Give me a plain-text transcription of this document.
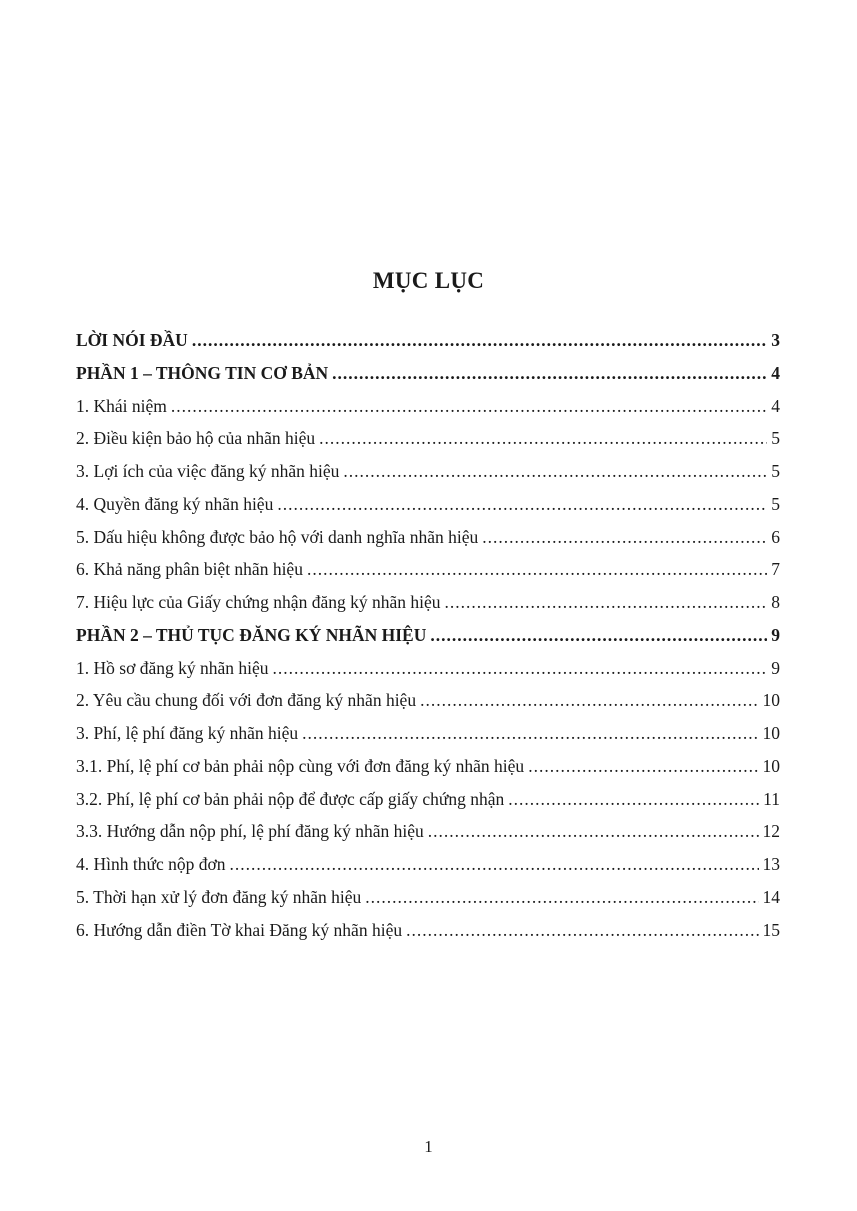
MỤC LỤC
LỜI NÓI ĐẦU .....	3
PHẦN 1 – THÔNG TIN CƠ BẢN .....	4
1. Khái niệm .....	4
2. Điều kiện bảo hộ của nhãn hiệu .....	5
3. Lợi ích của việc đăng ký nhãn hiệu .....	5
4. Quyền đăng ký nhãn hiệu .....	5
5. Dấu hiệu không được bảo hộ với danh nghĩa nhãn hiệu .....	6
6. Khả năng phân biệt nhãn hiệu .....	7
7. Hiệu lực của Giấy chứng nhận đăng ký nhãn hiệu .....	8
PHẦN 2 – THỦ TỤC ĐĂNG KÝ NHÃN HIỆU .....	9
1. Hồ sơ đăng ký nhãn hiệu .....	9
2. Yêu cầu chung đối với đơn đăng ký nhãn hiệu .....	10
3. Phí, lệ phí đăng ký nhãn hiệu .....	10
3.1. Phí, lệ phí cơ bản phải nộp cùng với đơn đăng ký nhãn hiệu .....	10
3.2. Phí, lệ phí cơ bản phải nộp để được cấp giấy chứng nhận .....	11
3.3. Hướng dẫn nộp phí, lệ phí đăng ký nhãn hiệu .....	12
4. Hình thức nộp đơn .....	13
5. Thời hạn xử lý đơn đăng ký nhãn hiệu .....	14
6. Hướng dẫn điền Tờ khai Đăng ký nhãn hiệu .....	15
1
